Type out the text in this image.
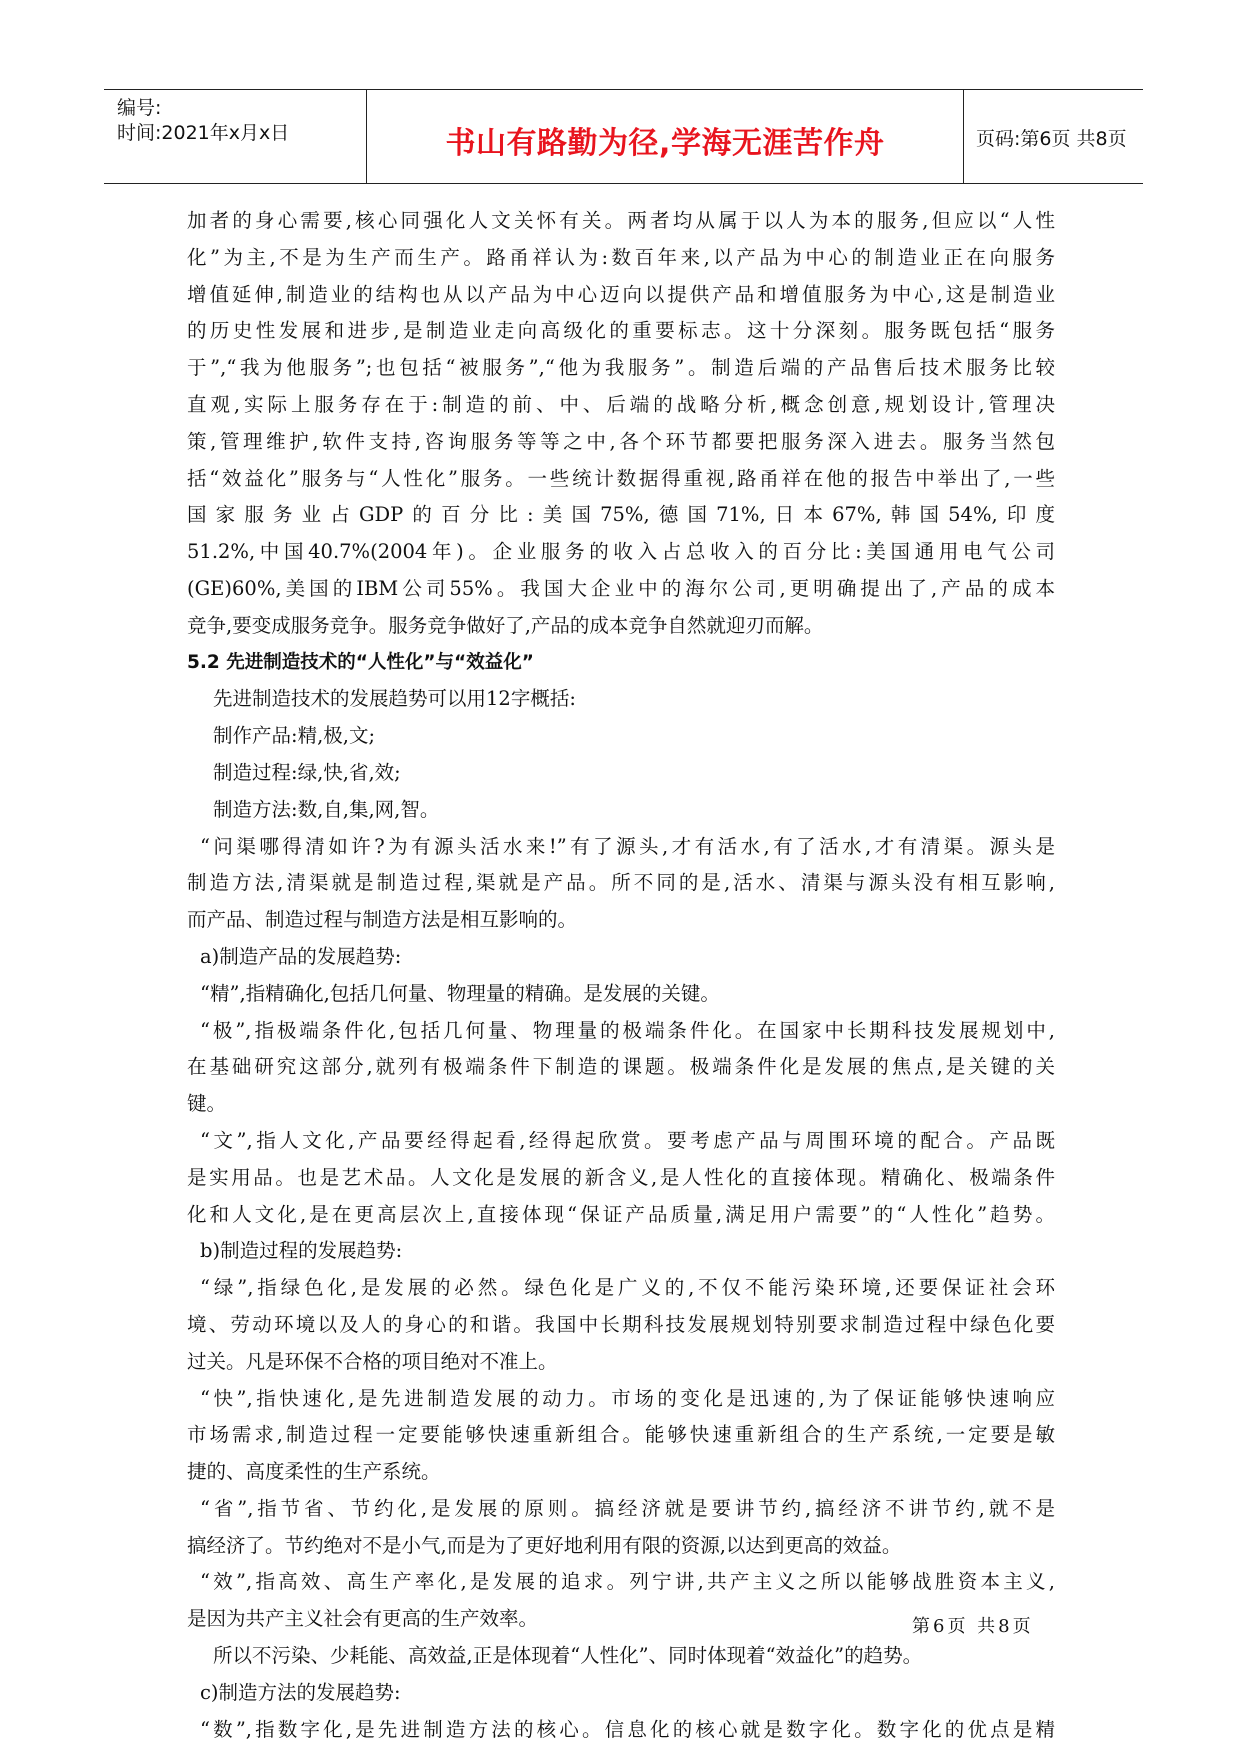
编号:
时间:2021年x月x日	书山有路勤为径,学海无涯苦作舟	页码:第6页 共8页
加者的身心需要,核心同强化人文关怀有关。两者均从属于以人为本的服务,但应以“人性
化”为主,不是为生产而生产。路甬祥认为:数百年来,以产品为中心的制造业正在向服务
增值延伸,制造业的结构也从以产品为中心迈向以提供产品和增值服务为中心,这是制造业
的历史性发展和进步,是制造业走向高级化的重要标志。这十分深刻。服务既包括“服务
于”,“我为他服务”;也包括“被服务”,“他为我服务”。制造后端的产品售后技术服务比较
直观,实际上服务存在于:制造的前、中、后端的战略分析,概念创意,规划设计,管理决
策,管理维护,软件支持,咨询服务等等之中,各个环节都要把服务深入进去。服务当然包
括“效益化”服务与“人性化”服务。一些统计数据得重视,路甬祥在他的报告中举出了,一些
国家服务业占GDP的百分比:美国75%,德国71%,日本67%,韩国54%,印度
51.2%,中国40.7%(2004年)。企业服务的收入占总收入的百分比:美国通用电气公司
(GE)60%,美国的IBM公司55%。我国大企业中的海尔公司,更明确提出了,产品的成本
竞争,要变成服务竞争。服务竞争做好了,产品的成本竞争自然就迎刃而解。
5.2 先进制造技术的“人性化”与“效益化”
先进制造技术的发展趋势可以用12字概括:
制作产品:精,极,文;
制造过程:绿,快,省,效;
制造方法:数,自,集,网,智。
“问渠哪得清如许?为有源头活水来!”有了源头,才有活水,有了活水,才有清渠。源头是
制造方法,清渠就是制造过程,渠就是产品。所不同的是,活水、清渠与源头没有相互影响,
而产品、制造过程与制造方法是相互影响的。
a)制造产品的发展趋势:
“精”,指精确化,包括几何量、物理量的精确。是发展的关键。
“极”,指极端条件化,包括几何量、物理量的极端条件化。在国家中长期科技发展规划中,
在基础研究这部分,就列有极端条件下制造的课题。极端条件化是发展的焦点,是关键的关
键。
“文”,指人文化,产品要经得起看,经得起欣赏。要考虑产品与周围环境的配合。产品既
是实用品。也是艺术品。人文化是发展的新含义,是人性化的直接体现。精确化、极端条件
化和人文化,是在更高层次上,直接体现“保证产品质量,满足用户需要”的“人性化”趋势。
b)制造过程的发展趋势:
“绿”,指绿色化,是发展的必然。绿色化是广义的,不仅不能污染环境,还要保证社会环
境、劳动环境以及人的身心的和谐。我国中长期科技发展规划特别要求制造过程中绿色化要
过关。凡是环保不合格的项目绝对不准上。
“快”,指快速化,是先进制造发展的动力。市场的变化是迅速的,为了保证能够快速响应
市场需求,制造过程一定要能够快速重新组合。能够快速重新组合的生产系统,一定要是敏
捷的、高度柔性的生产系统。
“省”,指节省、节约化,是发展的原则。搞经济就是要讲节约,搞经济不讲节约,就不是
搞经济了。节约绝对不是小气,而是为了更好地利用有限的资源,以达到更高的效益。
“效”,指高效、高生产率化,是发展的追求。列宁讲,共产主义之所以能够战胜资本主义,
是因为共产主义社会有更高的生产效率。
所以不污染、少耗能、高效益,正是体现着“人性化”、同时体现着“效益化”的趋势。
c)制造方法的发展趋势:
“数”,指数字化,是先进制造方法的核心。信息化的核心就是数字化。数字化的优点是精
第6页 共8页
